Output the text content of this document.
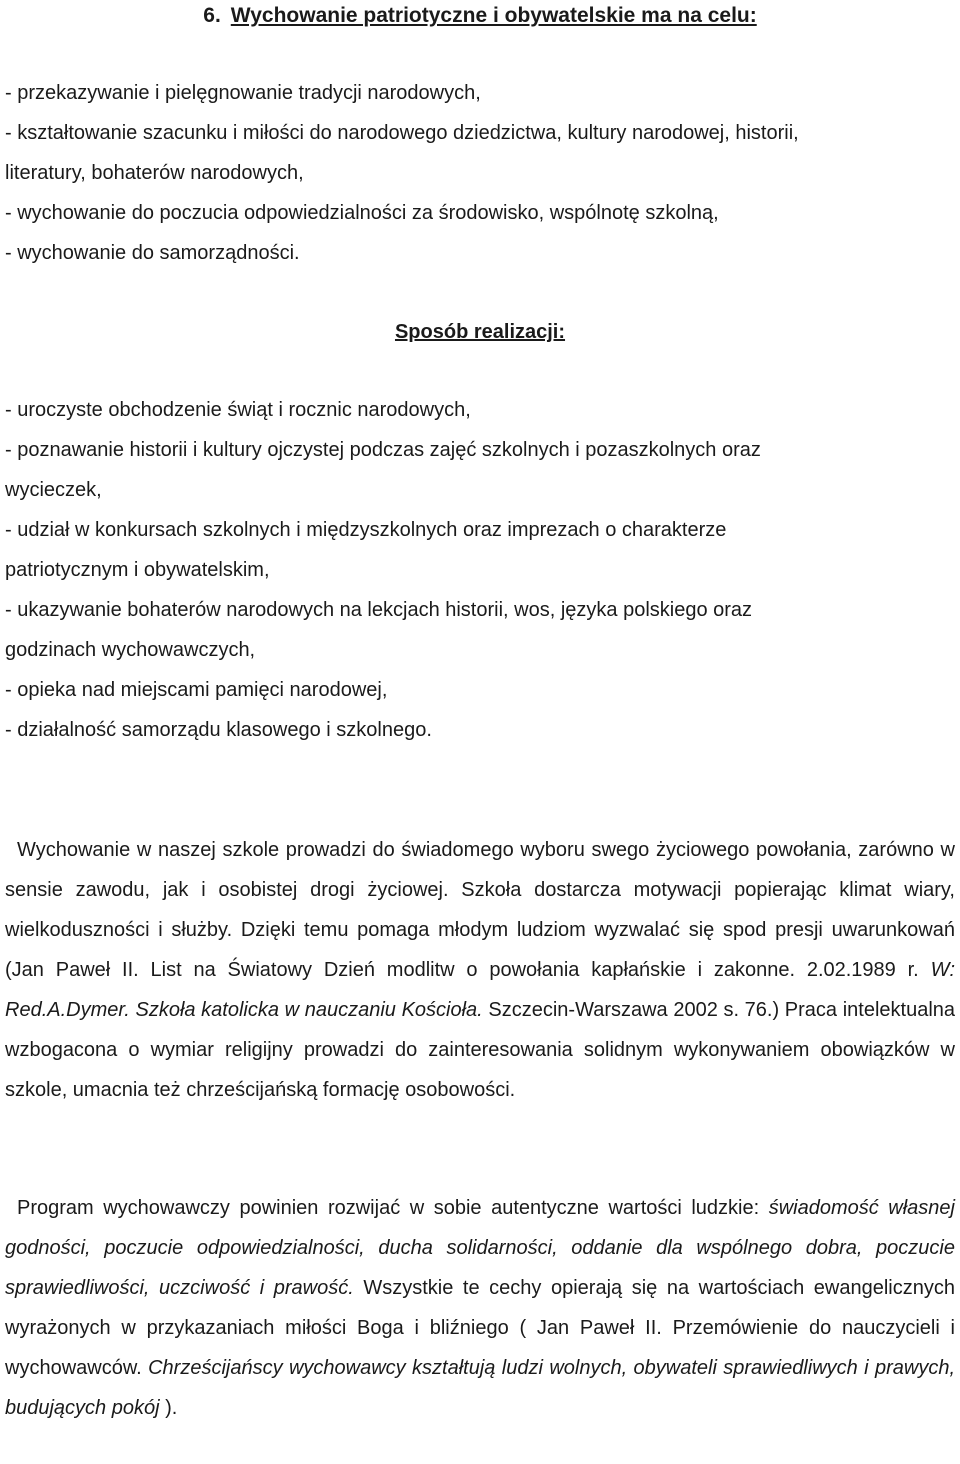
6. Wychowanie patriotyczne i obywatelskie ma na celu:
- przekazywanie i pielęgnowanie tradycji narodowych,
- kształtowanie szacunku i miłości do narodowego dziedzictwa, kultury narodowej, historii,
literatury, bohaterów narodowych,
- wychowanie do poczucia odpowiedzialności za środowisko, wspólnotę szkolną,
- wychowanie do samorządności.
Sposób realizacji:
- uroczyste obchodzenie świąt i rocznic narodowych,
- poznawanie historii i kultury ojczystej podczas zajęć szkolnych i pozaszkolnych oraz
wycieczek,
- udział w konkursach szkolnych i międzyszkolnych oraz imprezach o charakterze
patriotycznym i obywatelskim,
- ukazywanie bohaterów narodowych na lekcjach historii, wos, języka polskiego oraz
godzinach wychowawczych,
- opieka nad miejscami pamięci narodowej,
- działalność samorządu klasowego i szkolnego.

Wychowanie w naszej szkole prowadzi do świadomego wyboru swego życiowego powołania, zarówno w sensie zawodu, jak i osobistej drogi życiowej. Szkoła dostarcza motywacji popierając klimat wiary, wielkoduszności i służby. Dzięki temu pomaga młodym ludziom wyzwalać się spod presji uwarunkowań (Jan Paweł II. List na Światowy Dzień modlitw o powołania kapłańskie i zakonne. 2.02.1989 r. W: Red.A.Dymer. Szkoła katolicka w nauczaniu Kościoła. Szczecin-Warszawa 2002 s. 76.) Praca intelektualna wzbogacona o wymiar religijny prowadzi do zainteresowania solidnym wykonywaniem obowiązków w szkole, umacnia też chrześcijańską formację osobowości.

Program wychowawczy powinien rozwijać w sobie autentyczne wartości ludzkie: świadomość własnej godności, poczucie odpowiedzialności, ducha solidarności, oddanie dla wspólnego dobra, poczucie sprawiedliwości, uczciwość i prawość. Wszystkie te cechy opierają się na wartościach ewangelicznych wyrażonych w przykazaniach miłości Boga i bliźniego ( Jan Paweł II. Przemówienie do nauczycieli i wychowawców. Chrześcijańscy wychowawcy kształtują ludzi wolnych, obywateli sprawiedliwych i prawych, budujących pokój ).
